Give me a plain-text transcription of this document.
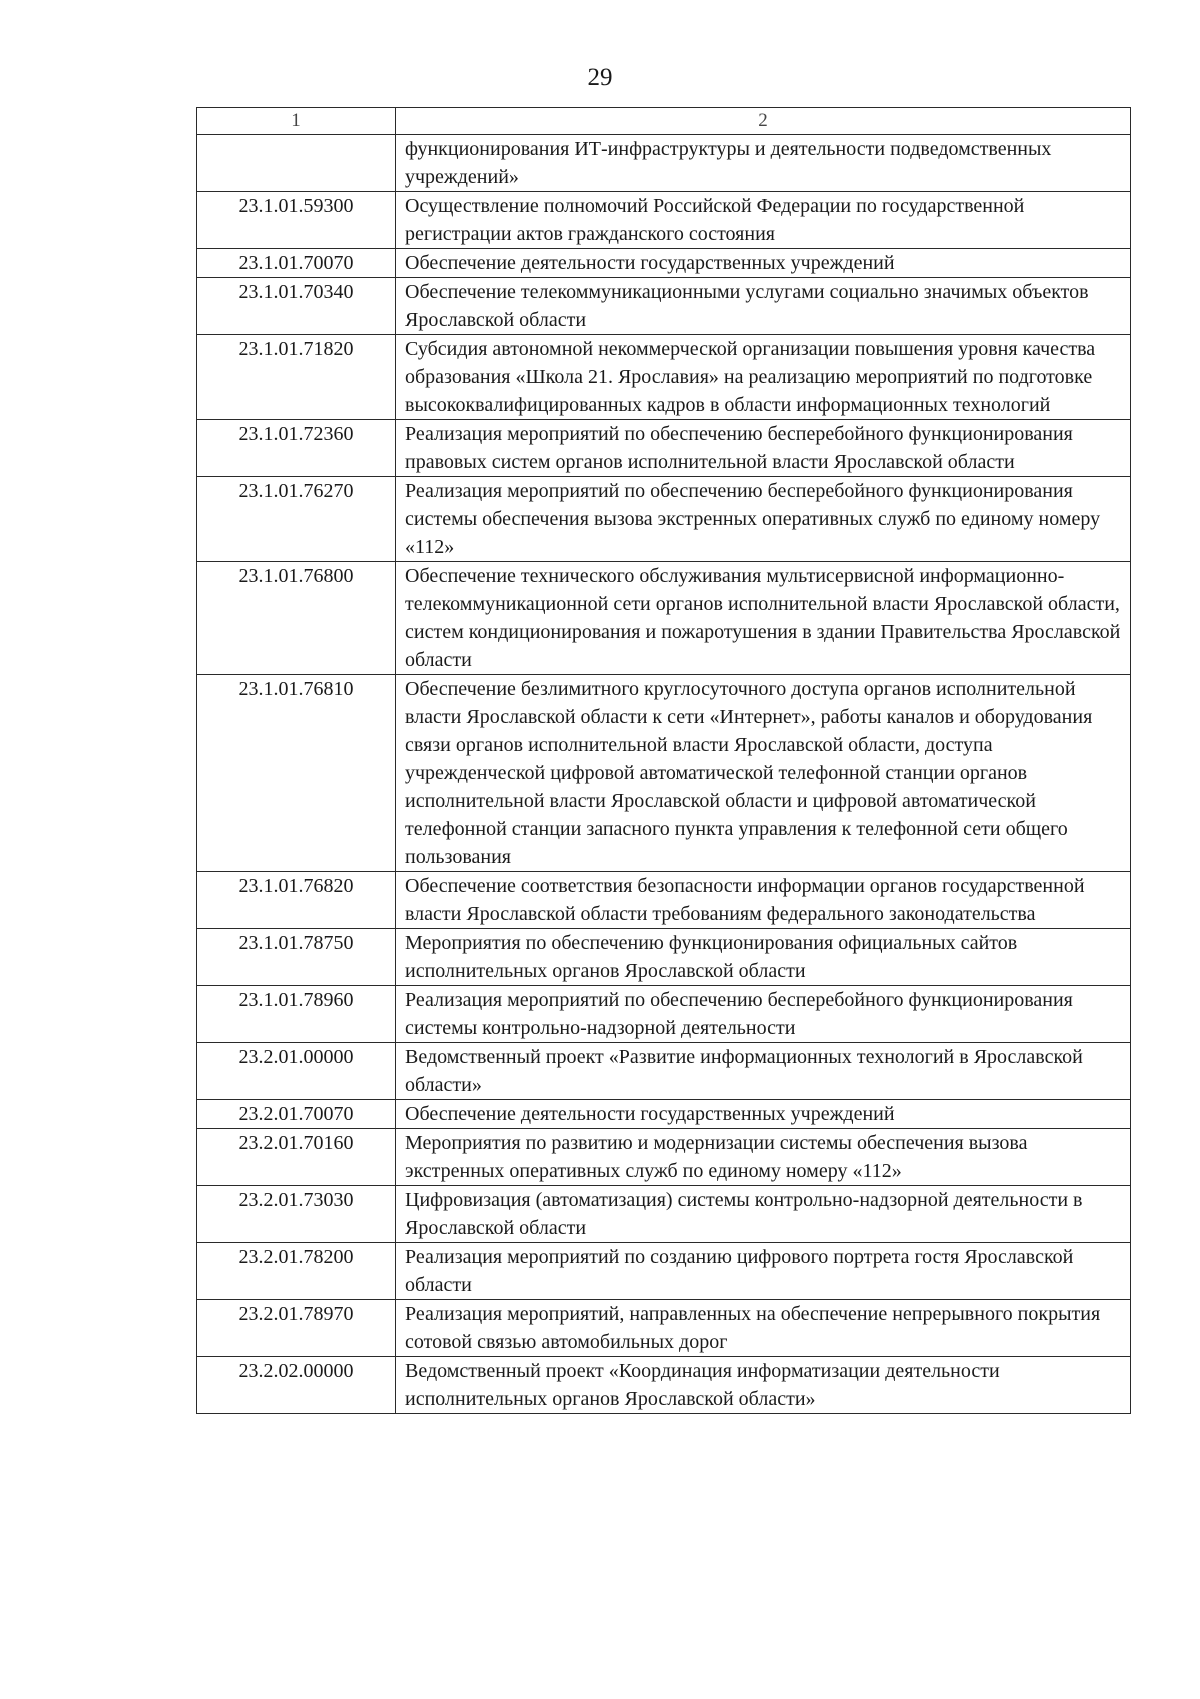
29
1	2
	функционирования ИТ-инфраструктуры и деятельности подведомственных учреждений»
23.1.01.59300	Осуществление полномочий Российской Федерации по государственной регистрации актов гражданского состояния
23.1.01.70070	Обеспечение деятельности государственных учреждений
23.1.01.70340	Обеспечение телекоммуникационными услугами социально значимых объектов Ярославской области
23.1.01.71820	Субсидия автономной некоммерческой организации повышения уровня качества образования «Школа 21. Ярославия» на реализацию мероприятий по подготовке высококвалифицированных кадров в области информационных технологий
23.1.01.72360	Реализация мероприятий по обеспечению бесперебойного функционирования правовых систем органов исполнительной власти Ярославской области
23.1.01.76270	Реализация мероприятий по обеспечению бесперебойного функционирования системы обеспечения вызова экстренных оперативных служб по единому номеру «112»
23.1.01.76800	Обеспечение технического обслуживания мультисервисной информационно-телекоммуникационной сети органов исполнительной власти Ярославской области, систем кондиционирования и пожаротушения в здании Правительства Ярославской области
23.1.01.76810	Обеспечение безлимитного круглосуточного доступа органов исполнительной власти Ярославской области к сети «Интернет», работы каналов и оборудования связи органов исполнительной власти Ярославской области, доступа учрежденческой цифровой автоматической телефонной станции органов исполнительной власти Ярославской области и цифровой автоматической телефонной станции запасного пункта управления к телефонной сети общего пользования
23.1.01.76820	Обеспечение соответствия безопасности информации органов государственной власти Ярославской области требованиям федерального законодательства
23.1.01.78750	Мероприятия по обеспечению функционирования официальных сайтов исполнительных органов Ярославской области
23.1.01.78960	Реализация мероприятий по обеспечению бесперебойного функционирования системы контрольно-надзорной деятельности
23.2.01.00000	Ведомственный проект «Развитие информационных технологий в Ярославской области»
23.2.01.70070	Обеспечение деятельности государственных учреждений
23.2.01.70160	Мероприятия по развитию и модернизации системы обеспечения вызова экстренных оперативных служб по единому номеру «112»
23.2.01.73030	Цифровизация (автоматизация) системы контрольно-надзорной деятельности в Ярославской области
23.2.01.78200	Реализация мероприятий по созданию цифрового портрета гостя Ярославской области
23.2.01.78970	Реализация мероприятий, направленных на обеспечение непрерывного покрытия сотовой связью автомобильных дорог
23.2.02.00000	Ведомственный проект «Координация информатизации деятельности исполнительных органов Ярославской области»
